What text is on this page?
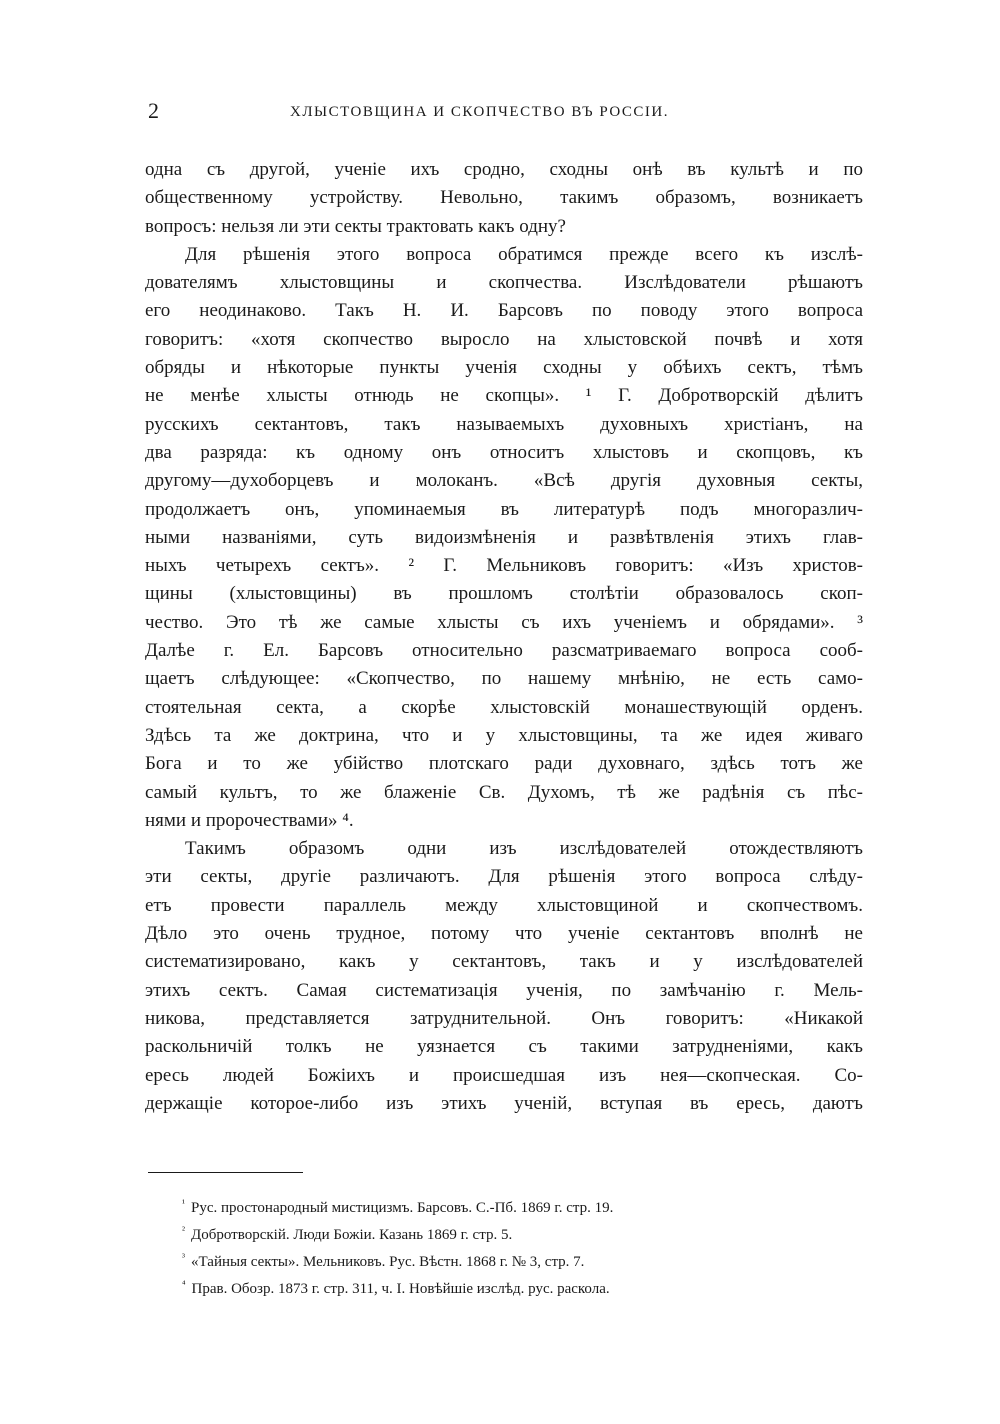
2	ХЛЫСТОВЩИНА И СКОПЧЕСТВО ВЪ РОССІИ.
одна съ другой, ученіе ихъ сродно, сходны онѣ въ культѣ и по
общественному устройству. Невольно, такимъ образомъ, возникаетъ
вопросъ: нельзя ли эти секты трактовать какъ одну?
Для рѣшенія этого вопроса обратимся прежде всего къ изслѣ-
дователямъ хлыстовщины и скопчества. Изслѣдователи рѣшаютъ
его неодинаково. Такъ Н. И. Барсовъ по поводу этого вопроса
говоритъ: «хотя скопчество выросло на хлыстовской почвѣ и хотя
обряды и нѣкоторые пункты ученія сходны у обѣихъ сектъ, тѣмъ
не менѣе хлысты отнюдь не скопцы». ¹ Г. Добротворскій дѣлитъ
русскихъ сектантовъ, такъ называемыхъ духовныхъ христіанъ, на
два разряда: къ одному онъ относитъ хлыстовъ и скопцовъ, къ
другому—духоборцевъ и молоканъ. «Всѣ другія духовныя секты,
продолжаетъ онъ, упоминаемыя въ литературѣ подъ многоразлич-
ными названіями, суть видоизмѣненія и развѣтвленія этихъ глав-
ныхъ четырехъ сектъ». ² Г. Мельниковъ говоритъ: «Изъ христов-
щины (хлыстовщины) въ прошломъ столѣтіи образовалось скоп-
чество. Это тѣ же самые хлысты съ ихъ ученіемъ и обрядами». ³
Далѣе г. Ел. Барсовъ относительно разсматриваемаго вопроса сооб-
щаетъ слѣдующее: «Скопчество, по нашему мнѣнію, не есть само-
стоятельная секта, а скорѣе хлыстовскій монашествующій орденъ.
Здѣсь та же доктрина, что и у хлыстовщины, та же идея живаго
Бога и то же убійство плотскаго ради духовнаго, здѣсь тотъ же
самый культъ, то же блаженіе Св. Духомъ, тѣ же радѣнія съ пѣс-
нями и пророчествами» ⁴.
Такимъ образомъ одни изъ изслѣдователей отождествляютъ
эти секты, другіе различаютъ. Для рѣшенія этого вопроса слѣду-
етъ провести параллель между хлыстовщиной и скопчествомъ.
Дѣло это очень трудное, потому что ученіе сектантовъ вполнѣ не
систематизировано, какъ у сектантовъ, такъ и у изслѣдователей
этихъ сектъ. Самая систематизація ученія, по замѣчанію г. Мель-
никова, представляется затруднительной. Онъ говоритъ: «Никакой
раскольничій толкъ не уязнается съ такими затрудненіями, какъ
ересь людей Божіихъ и происшедшая изъ нея—скопческая. Со-
держащіе которое-либо изъ этихъ ученій, вступая въ ересь, даютъ
$^{^1}$ Рус. простонародный мистицизмъ. Барсовъ. С.-Пб. 1869 г. стр. 19.
$^{^2}$ Добротворскій. Люди Божіи. Казань 1869 г. стр. 5.
$^{^3}$ «Тайныя секты». Мельниковъ. Рус. Вѣстн. 1868 г. № 3, стр. 7.
$^{^4}$ Прав. Обозр. 1873 г. стр. 311, ч. I. Новѣйшіе изслѣд. рус. раскола.
